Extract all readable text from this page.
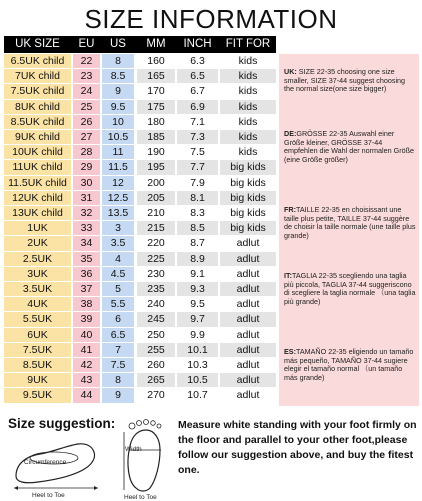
SIZE INFORMATION
UK SIZE	EU	US	MM	INCH	FIT FOR
6.5UK child	22	8	160	6.3	kids
7UK child	23	8.5	165	6.5	kids
7.5UK child	24	9	170	6.7	kids
8UK child	25	9.5	175	6.9	kids
8.5UK child	26	10	180	7.1	kids
9UK child	27	10.5	185	7.3	kids
10UK child	28	11	190	7.5	kids
11UK child	29	11.5	195	7.7	big kids
11.5UK child	30	12	200	7.9	big kids
12UK child	31	12.5	205	8.1	big kids
13UK child	32	13.5	210	8.3	big kids
1UK	33	3	215	8.5	big kids
2UK	34	3.5	220	8.7	adlut
2.5UK	35	4	225	8.9	adlut
3UK	36	4.5	230	9.1	adlut
3.5UK	37	5	235	9.3	adlut
4UK	38	5.5	240	9.5	adlut
5.5UK	39	6	245	9.7	adlut
6UK	40	6.5	250	9.9	adlut
7.5UK	41	7	255	10.1	adlut
8.5UK	42	7.5	260	10.3	adlut
9UK	43	8	265	10.5	adlut
9.5UK	44	9	270	10.7	adlut
UK: SIZE 22-35 choosing one size smaller, SIZE 37-44 suggest choosing the normal size(one size bigger)
DE:GRÖSSE 22-35 Auswahl einer Größe kleiner, GRÖSSE 37-44 empfehlen die Wahl der normalen Größe (eine Größe größer)
FR:TAILLE 22-35 en choisissant une taille plus petite, TAILLE 37-44 suggère de choisir la taille normale (une taille plus grande)
IT:TAGLIA 22-35 scegliendo una taglia più piccola, TAGLIA 37-44 suggeriscono di scegliere la taglia normale （una taglia più grande)
ES:TAMAÑO 22-35 eligiendo un tamaño más pequeño, TAMAÑO 37-44 sugiere elegir el tamaño normal （un tamaño más grande)
Size suggestion:
Circumference
Heel to Toe
Width
Heel to Toe
Measure white standing with your foot firmly on the floor and parallel to your other foot,please follow our suggestion above, and buy the fitest one.
